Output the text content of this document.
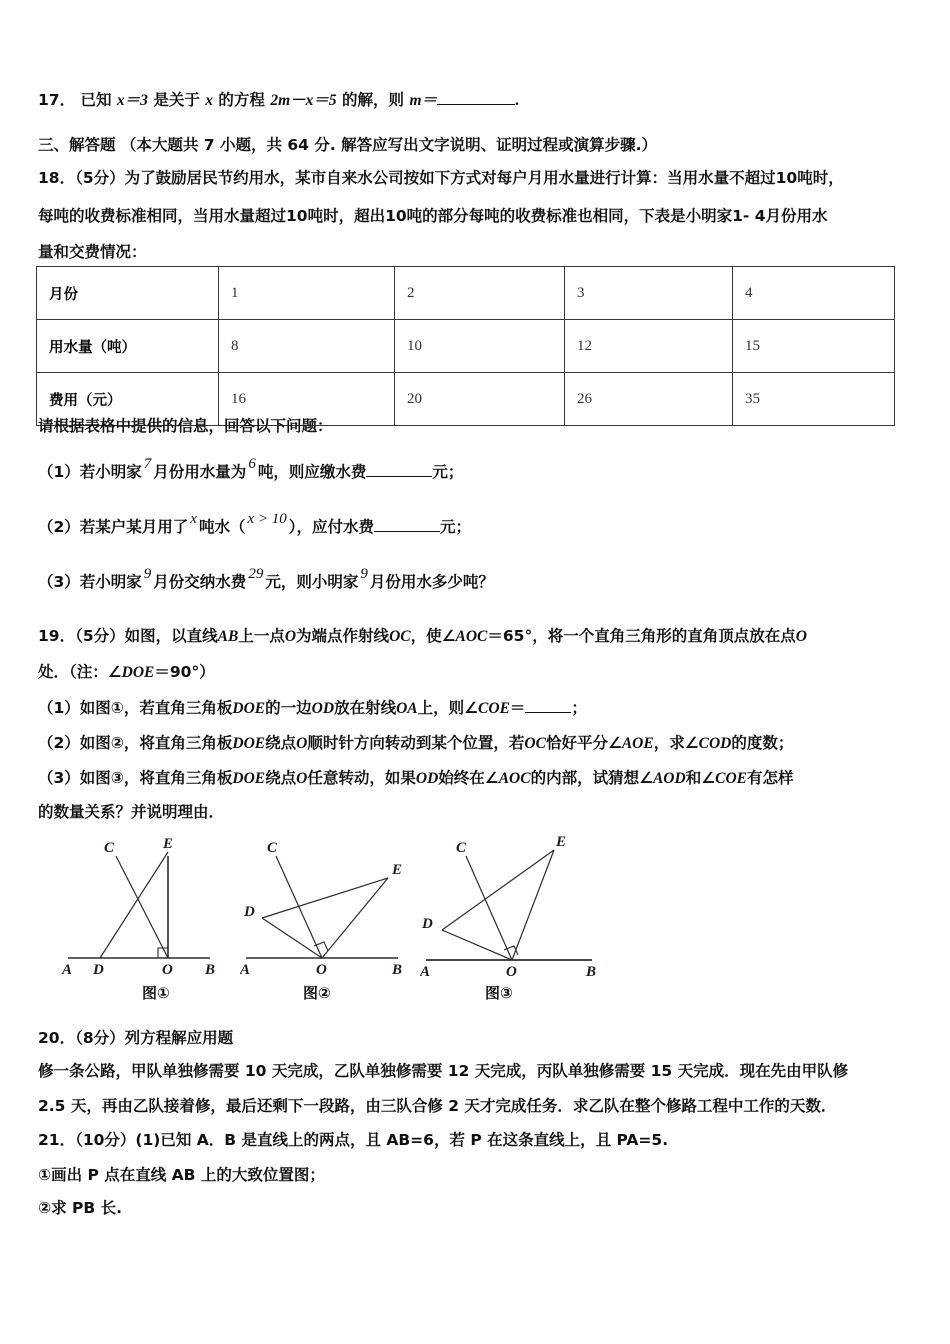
17． 已知 x＝3 是关于 x 的方程 2m－x＝5 的解，则 m＝	.
三、解答题 （本大题共 7 小题，共 64 分. 解答应写出文字说明、证明过程或演算步骤.）
18．（5分）为了鼓励居民节约用水，某市自来水公司按如下方式对每户月用水量进行计算：当用水量不超过10吨时，
每吨的收费标准相同，当用水量超过10吨时，超出10吨的部分每吨的收费标准也相同，下表是小明家1- 4月份用水
量和交费情况：
月份	1	2	3	4
用水量（吨）	8	10	12	15
费用（元）	16	20	26	35
请根据表格中提供的信息，回答以下问题：
（1）若小明家 7 月份用水量为 6 吨，则应缴水费	元；
（2）若某户某月用了 x 吨水（ x > 10 ），应付水费	元；
（3）若小明家 9 月份交纳水费 29 元，则小明家 9 月份用水多少吨？
19．（5分）如图，以直线AB上一点O为端点作射线OC，使∠AOC＝65°，将一个直角三角形的直角顶点放在点O
处．（注：∠DOE＝90°）
（1）如图①，若直角三角板DOE的一边OD放在射线OA上，则∠COE＝	；
（2）如图②，将直角三角板DOE绕点O顺时针方向转动到某个位置，若OC恰好平分∠AOE，求∠COD的度数；
（3）如图③，将直角三角板DOE绕点O任意转动，如果OD始终在∠AOC的内部，试猜想∠AOD和∠COE有怎样
的数量关系？并说明理由．
A D	O B
C	E
图①
A	O	B
C
D
E
图②
A	O	B
C
D
E
图③
20．（8分）列方程解应用题
修一条公路，甲队单独修需要 10 天完成，乙队单独修需要 12 天完成，丙队单独修需要 15 天完成．现在先由甲队修
2.5 天，再由乙队接着修，最后还剩下一段路，由三队合修 2 天才完成任务．求乙队在整个修路工程中工作的天数．
21．（10分）(1)已知 A．B 是直线上的两点，且 AB=6，若 P 在这条直线上，且 PA=5.
①画出 P 点在直线 AB 上的大致位置图；
②求 PB 长.
